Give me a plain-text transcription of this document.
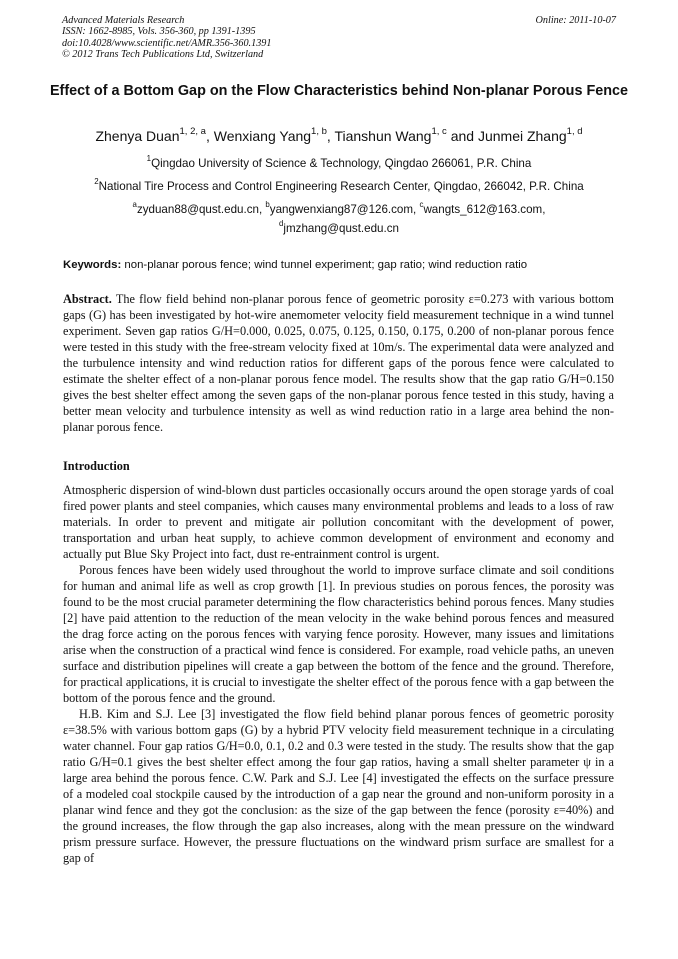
Advanced Materials Research
ISSN: 1662-8985, Vols. 356-360, pp 1391-1395
doi:10.4028/www.scientific.net/AMR.356-360.1391
© 2012 Trans Tech Publications Ltd, Switzerland
Online: 2011-10-07
Effect of a Bottom Gap on the Flow Characteristics behind Non-planar Porous Fence
Zhenya Duan$^{1, 2, a}$, Wenxiang Yang$^{1, b}$, Tianshun Wang$^{1, c}$ and Junmei Zhang$^{1, d}$
$^1$Qingdao University of Science & Technology, Qingdao 266061, P.R. China
$^2$National Tire Process and Control Engineering Research Center, Qingdao, 266042, P.R. China
$^a$zyduan88@qust.edu.cn, $^b$yangwenxiang87@126.com, $^c$wangts_612@163.com,
$^d$jmzhang@qust.edu.cn
Keywords: non-planar porous fence; wind tunnel experiment; gap ratio; wind reduction ratio

Abstract. The flow field behind non-planar porous fence of geometric porosity ε=0.273 with various bottom gaps (G) has been investigated by hot-wire anemometer velocity field measurement technique in a wind tunnel experiment. Seven gap ratios G/H=0.000, 0.025, 0.075, 0.125, 0.150, 0.175, 0.200 of non-planar porous fence were tested in this study with the free-stream velocity fixed at 10m/s. The experimental data were analyzed and the turbulence intensity and wind reduction ratios for different gaps of the porous fence were calculated to estimate the shelter effect of a non-planar porous fence model. The results show that the gap ratio G/H=0.150 gives the best shelter effect among the seven gaps of the non-planar porous fence tested in this study, having a better mean velocity and turbulence intensity as well as wind reduction ratio in a large area behind the non-planar porous fence.

Introduction

Atmospheric dispersion of wind-blown dust particles occasionally occurs around the open storage yards of coal fired power plants and steel companies, which causes many environmental problems and leads to a loss of raw materials. In order to prevent and mitigate air pollution concomitant with the development of power, transportation and urban heat supply, to achieve common development of environment and economy and actually put Blue Sky Project into fact, dust re-entrainment control is urgent.

Porous fences have been widely used throughout the world to improve surface climate and soil conditions for human and animal life as well as crop growth [1]. In previous studies on porous fences, the porosity was found to be the most crucial parameter determining the flow characteristics behind porous fences. Many studies [2] have paid attention to the reduction of the mean velocity in the wake behind porous fences and measured the drag force acting on the porous fences with varying fence porosity. However, many issues and limitations arise when the construction of a practical wind fence is considered. For example, road vehicle paths, an uneven surface and distribution pipelines will create a gap between the bottom of the fence and the ground. Therefore, for practical applications, it is crucial to investigate the shelter effect of the porous fence with a gap between the bottom of the porous fence and the ground.

H.B. Kim and S.J. Lee [3] investigated the flow field behind planar porous fences of geometric porosity ε=38.5% with various bottom gaps (G) by a hybrid PTV velocity field measurement technique in a circulating water channel. Four gap ratios G/H=0.0, 0.1, 0.2 and 0.3 were tested in the study. The results show that the gap ratio G/H=0.1 gives the best shelter effect among the four gap ratios, having a small shelter parameter ψ in a large area behind the porous fence. C.W. Park and S.J. Lee [4] investigated the effects on the surface pressure of a modeled coal stockpile caused by the introduction of a gap near the ground and non-uniform porosity in a planar wind fence and they got the conclusion: as the size of the gap between the fence (porosity ε=40%) and the ground increases, the flow through the gap also increases, along with the mean pressure on the windward prism pressure surface. However, the pressure fluctuations on the windward prism surface are smallest for a gap of
